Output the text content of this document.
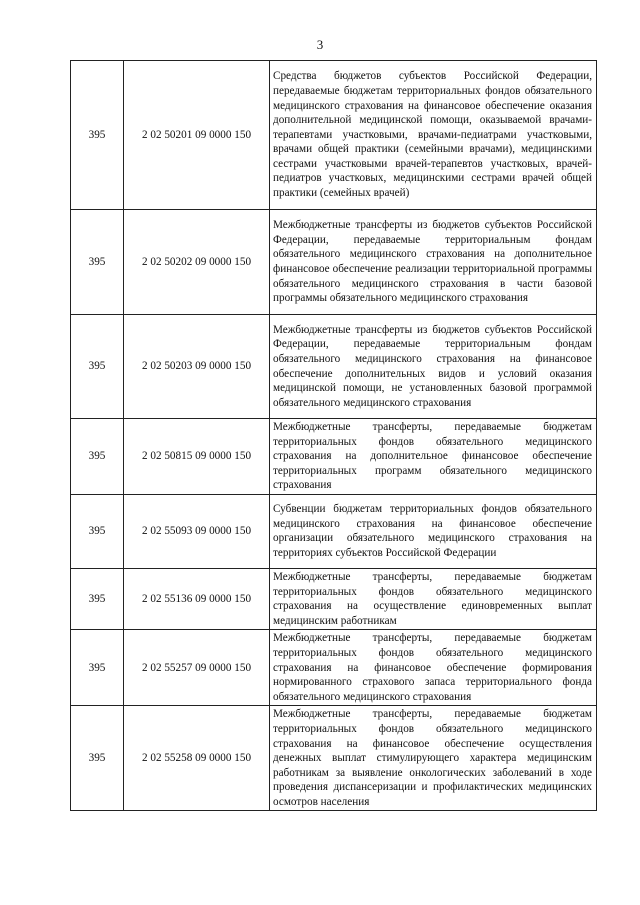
3
395	2 02 50201 09 0000 150	Средства бюджетов субъектов Российской Федерации, передаваемые бюджетам территориальных фондов обязательного медицинского страхования на финансовое обеспечение оказания дополнительной медицинской помощи, оказываемой врачами-терапевтами участковыми, врачами-педиатрами участковыми, врачами общей практики (семейными врачами), медицинскими сестрами участковыми врачей-терапевтов участковых, врачей-педиатров участковых, медицинскими сестрами врачей общей практики (семейных врачей)
395	2 02 50202 09 0000 150	Межбюджетные трансферты из бюджетов субъектов Российской Федерации, передаваемые территориальным фондам обязательного медицинского страхования на дополнительное финансовое обеспечение реализации территориальной программы обязательного медицинского страхования в части базовой программы обязательного медицинского страхования
395	2 02 50203 09 0000 150	Межбюджетные трансферты из бюджетов субъектов Российской Федерации, передаваемые территориальным фондам обязательного медицинского страхования на финансовое обеспечение дополнительных видов и условий оказания медицинской помощи, не установленных базовой программой обязательного медицинского страхования
395	2 02 50815 09 0000 150	Межбюджетные трансферты, передаваемые бюджетам территориальных фондов обязательного медицинского страхования на дополнительное финансовое обеспечение территориальных программ обязательного медицинского страхования
395	2 02 55093 09 0000 150	Субвенции бюджетам территориальных фондов обязательного медицинского страхования на финансовое обеспечение организации обязательного медицинского страхования на территориях субъектов Российской Федерации
395	2 02 55136 09 0000 150	Межбюджетные трансферты, передаваемые бюджетам территориальных фондов обязательного медицинского страхования на осуществление единовременных выплат медицинским работникам
395	2 02 55257 09 0000 150	Межбюджетные трансферты, передаваемые бюджетам территориальных фондов обязательного медицинского страхования на финансовое обеспечение формирования нормированного страхового запаса территориального фонда обязательного медицинского страхования
395	2 02 55258 09 0000 150	Межбюджетные трансферты, передаваемые бюджетам территориальных фондов обязательного медицинского страхования на финансовое обеспечение осуществления денежных выплат стимулирующего характера медицинским работникам за выявление онкологических заболеваний в ходе проведения диспансеризации и профилактических медицинских осмотров населения
